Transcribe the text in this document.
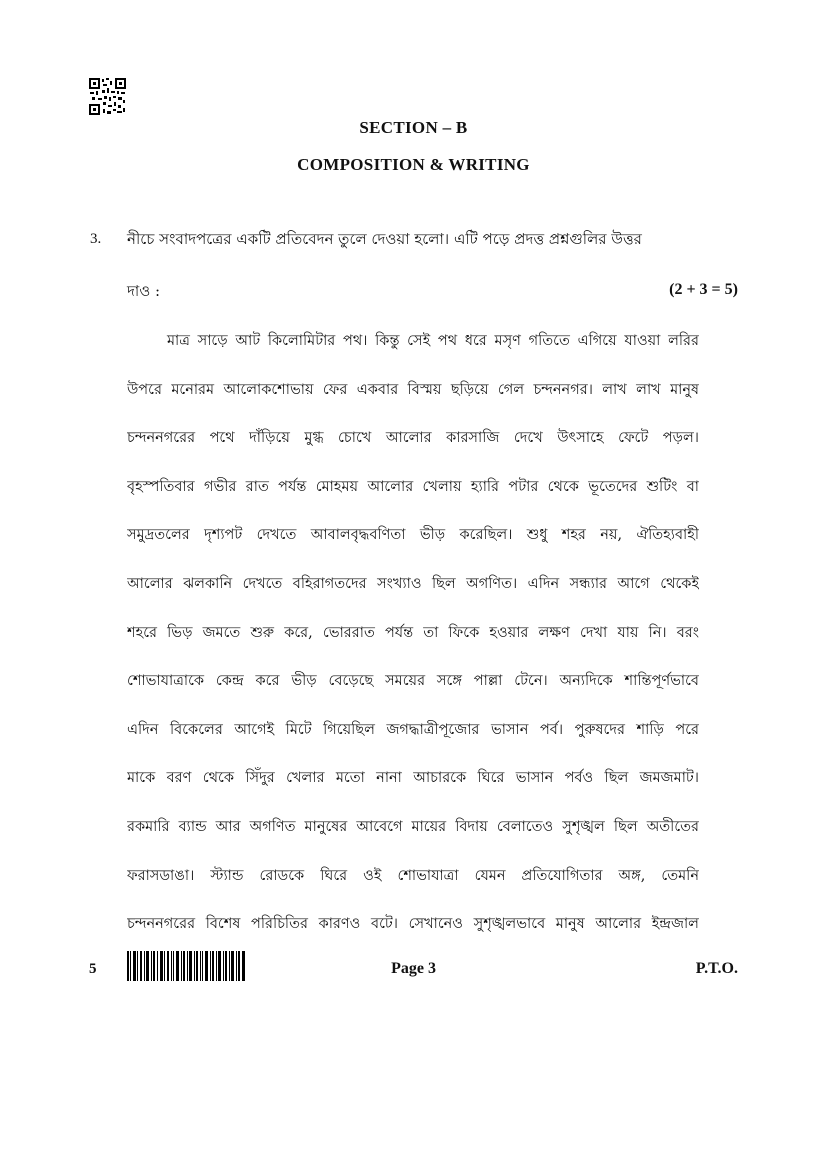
SECTION – B
COMPOSITION & WRITING
3. নীচে সংবাদপত্রের একটি প্রতিবেদন তুলে দেওয়া হলো। এটি পড়ে প্রদত্ত প্রশ্নগুলির উত্তর
দাও :	(2 + 3 = 5)
মাত্র সাড়ে আট কিলোমিটার পথ। কিন্তু সেই পথ ধরে মসৃণ গতিতে এগিয়ে যাওয়া লরির
উপরে মনোরম আলোকশোভায় ফের একবার বিস্ময় ছড়িয়ে গেল চন্দননগর। লাখ লাখ মানুষ
চন্দননগরের পথে দাঁড়িয়ে মুগ্ধ চোখে আলোর কারসাজি দেখে উৎসাহে ফেটে পড়ল।
বৃহস্পতিবার গভীর রাত পর্যন্ত মোহময় আলোর খেলায় হ্যারি পটার থেকে ভূতেদের শুটিং বা
সমুদ্রতলের দৃশ্যপট দেখতে আবালবৃদ্ধবণিতা ভীড় করেছিল। শুধু শহর নয়, ঐতিহ্যবাহী
আলোর ঝলকানি দেখতে বহিরাগতদের সংখ্যাও ছিল অগণিত। এদিন সন্ধ্যার আগে থেকেই
শহরে ভিড় জমতে শুরু করে, ভোররাত পর্যন্ত তা ফিকে হওয়ার লক্ষণ দেখা যায় নি। বরং
শোভাযাত্রাকে কেন্দ্র করে ভীড় বেড়েছে সময়ের সঙ্গে পাল্লা টেনে। অন্যদিকে শান্তিপূর্ণভাবে
এদিন বিকেলের আগেই মিটে গিয়েছিল জগদ্ধাত্রীপূজোর ভাসান পর্ব। পুরুষদের শাড়ি পরে
মাকে বরণ থেকে সিঁদুর খেলার মতো নানা আচারকে ঘিরে ভাসান পর্বও ছিল জমজমাট।
রকমারি ব্যান্ড আর অগণিত মানুষের আবেগে মায়ের বিদায় বেলাতেও সুশৃঙ্খল ছিল অতীতের
ফরাসডাঙা। স্ট্যান্ড রোডকে ঘিরে ওই শোভাযাত্রা যেমন প্রতিযোগিতার অঙ্গ, তেমনি
চন্দননগরের বিশেষ পরিচিতির কারণও বটে। সেখানেও সুশৃঙ্খলভাবে মানুষ আলোর ইন্দ্রজাল
5	Page 3	P.T.O.
